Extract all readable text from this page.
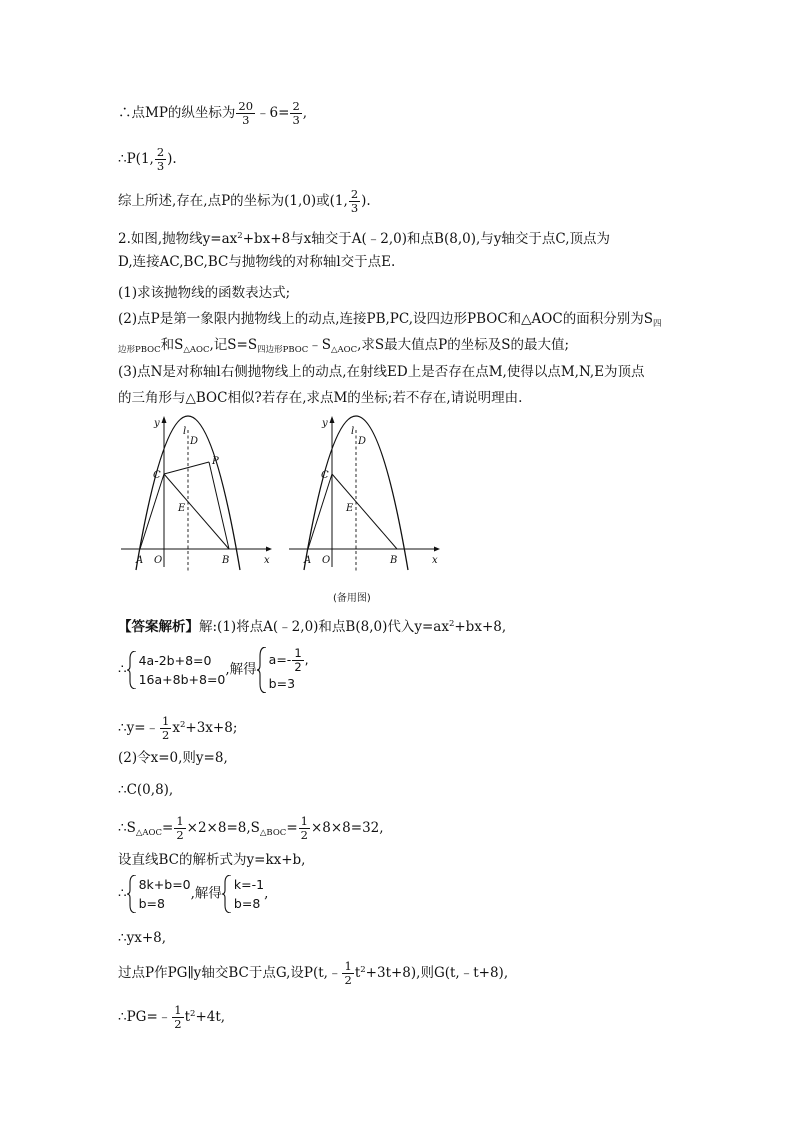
∴点MP的纵坐标为 $\frac{20}{3}$ ﹣6= $\frac{2}{3}$ ,
∴P(1, $\frac{2}{3}$ ).
综上所述,存在,点P的坐标为(1,0)或(1, $\frac{2}{3}$ ).
2.如图,抛物线$y=ax^2+bx+8$与x轴交于A(﹣2,0)和点B(8,0),与y轴交于点C,顶点为
D,连接AC,BC,BC与抛物线的对称轴l交于点E.
(1)求该抛物线的函数表达式;
(2)点P是第一象限内抛物线上的动点,连接PB,PC,设四边形PBOC和△AOC的面积分别为$S_四$
$_{边形PBOC}$和$S_{\triangle AOC}$,记$S=S_{四边形PBOC}﹣S_{\triangle AOC}$,求S最大值点P的坐标及S的最大值;
(3)点N是对称轴l右侧抛物线上的动点,在射线ED上是否存在点M,使得以点M,N,E为顶点
的三角形与△BOC相似?若存在,求点M的坐标;若不存在,请说明理由.
y
l
D
P
C
E
A O	B	x
y
l
D
C
E
A O	B	x
(备用图)
【答案解析】解:(1)将点A(﹣2,0)和点B(8,0)代入$y=ax^2+bx+8$,
∴
4a-2b+8=0
16a+8b+8=0
,解得
$a=- \frac{1}{2}$ ,
b=3
∴y=﹣ $\frac{1}{2} x^2+3x+8$;
(2)令x=0,则y=8,
∴C(0,8),
$\therefore S_{\triangle AOC}= \frac{1}{2} \times 2\times 8=8,S_{\triangle BOC}= \frac{1}{2} \times 8\times 8=32$,
设直线BC的解析式为y=kx+b,
∴
8k+b=0
b=8
,解得
k=-1
b=8
,
∴yx+8,
过点P作PG∥y轴交BC于点G,设P(t,﹣ $\frac{1}{2} t^2+3t+8$),则G(t,﹣t+8),
∴PG=﹣ $\frac{1}{2} t^2+4t$,
